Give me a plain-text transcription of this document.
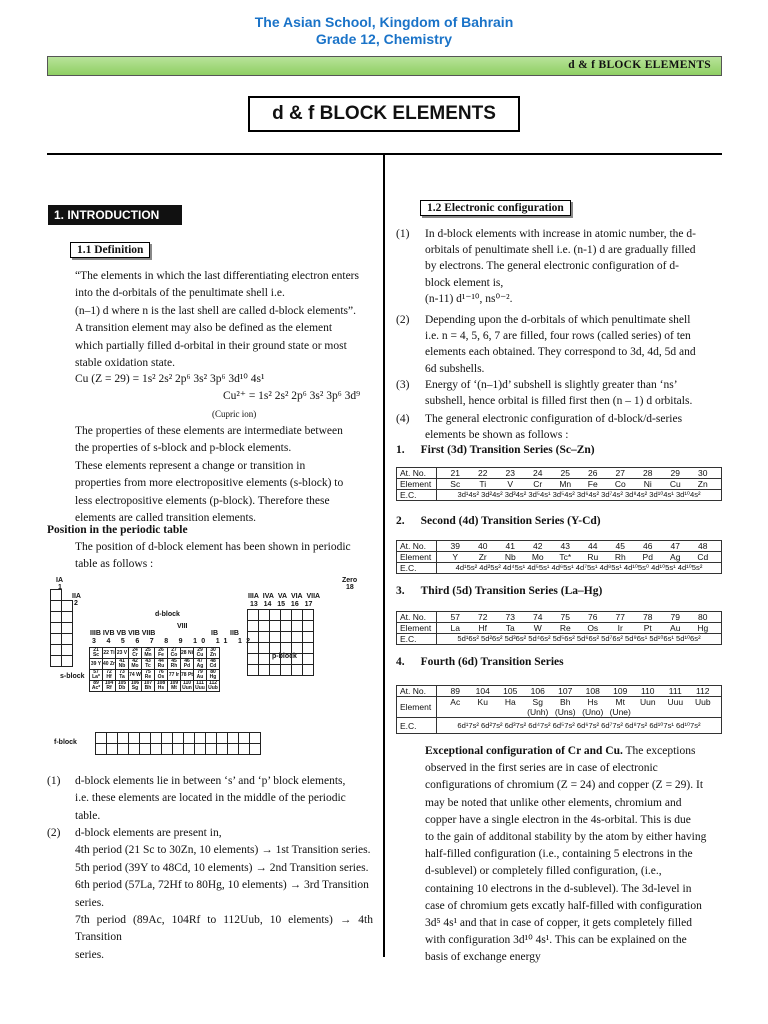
The Asian School, Kingdom of Bahrain
Grade 12, Chemistry
d & f BLOCK ELEMENTS
d & f BLOCK ELEMENTS
1. INTRODUCTION
1.1 Definition
“The elements in which the last differentiating electron enters
into the d-orbitals of the penultimate shell i.e.
(n–1) d where n is the last shell are called d-block elements”.
A transition element may also be defined as the element
which partially filled d-orbital in their ground state or most
stable oxidation state.
Cu (Z = 29) = 1s² 2s² 2p⁶ 3s² 3p⁶ 3d¹⁰ 4s¹
Cu²⁺ = 1s² 2s² 2p⁶ 3s² 3p⁶ 3d⁹
(Cupric ion)
The properties of these elements are intermediate between
the properties of s-block and p-block elements.
These elements represent a change or transition in
properties from more electropositive elements (s-block) to
less electropositive elements (p-block). Therefore these
elements are called transition elements.
Position in the periodic table
The position of d-block element has been shown in periodic
table as follows :
IA
1
IIA
2
d-block
IIIA IVA VA VIA VIIA
13 14 15 16 17
Zero
18
VIII
IIIB IVB VB VIB VIIB	IB IIB
3 4 5 6 7 8 9 10 11 12
s-block
p-block
f-block

21 Sc	22 Ti	23 V	24 Cr	25 Mn	26 Fe	27 Co	28 Ni	29 Cu	30 Zn
39 Y	40 Zr	41 Nb	42 Mo	43 Tc	44 Ru	45 Rh	46 Pd	47 Ag	48 Cd
57 La*	72 Hf	73 Ta	74 W	75 Re	76 Os	77 Ir	78 Pt	79 Au	80 Hg
89 Ac*	104 Rf	105 Db	106 Sg	107 Bh	108 Hs	109 Mt	110 Uun	111 Uuu	112 Uub

(1) d-block elements lie in between ‘s’ and ‘p’ block elements,
i.e. these elements are located in the middle of the periodic
table.
(2) d-block elements are present in,
4th period (21 Sc to 30Zn, 10 elements) → 1st Transition series.
5th period (39Y to 48Cd, 10 elements) → 2nd Transition series.
6th period (57La, 72Hf to 80Hg, 10 elements) → 3rd Transition
series.
7th period (89Ac, 104Rf to 112Uub, 10 elements) → 4th Transition
series.
1.2 Electronic configuration
(1) In d-block elements with increase in atomic number, the d-
orbitals of penultimate shell i.e. (n-1) d are gradually filled
by electrons. The general electronic configuration of d-
block element is,
(n-11) d¹⁻¹⁰, ns⁰⁻².
(2) Depending upon the d-orbitals of which penultimate shell
i.e. n = 4, 5, 6, 7 are filled, four rows (called series) of ten
elements each obtained. They correspond to 3d, 4d, 5d and
6d subshells.
(3) Energy of ‘(n–1)d’ subshell is slightly greater than ‘ns’
subshell, hence orbital is filled first then (n – 1) d orbitals.
(4) The general electronic configuration of d-block/d-series
elements be shown as follows :
1. First (3d) Transition Series (Sc–Zn)
At. No.	21 22 23 24 25 26 27 28 29 30
Element	Sc Ti V Cr Mn Fe Co Ni Cu Zn
E.C.	3d¹4s² 3d²4s² 3d³4s² 3d⁵4s¹ 3d⁵4s² 3d⁶4s² 3d⁷4s² 3d⁸4s² 3d¹⁰4s¹ 3d¹⁰4s²
2. Second (4d) Transition Series (Y-Cd)
At. No.	39 40 41 42 43 44 45 46 47 48
Element	Y Zr Nb Mo Tc* Ru Rh Pd Ag Cd
E.C.	4d¹5s² 4d²5s² 4d⁴5s¹ 4d⁵5s¹ 4d⁶5s¹ 4d⁷5s¹ 4d⁸5s¹ 4d¹⁰5s⁰ 4d¹⁰5s¹ 4d¹⁰5s²
3. Third (5d) Transition Series (La–Hg)
At. No.	57 72 73 74 75 76 77 78 79 80
Element	La Hf Ta W Re Os Ir Pt Au Hg
E.C.	5d¹6s² 5d²6s² 5d³6s² 5d⁴6s² 5d⁵6s² 5d⁶6s² 5d⁷6s² 5d⁹6s¹ 5d¹⁰6s¹ 5d¹⁰6s²
4. Fourth (6d) Transition Series
At. No.	89 104 105 106 107 108 109 110 111 112
Element	Ac Ku Ha Sg Bh Hs Mt Uun Uuu Uub
(Unh) (Uns) (Uno) (Une)
E.C.	6d¹7s² 6d²7s² 6d³7s² 6d⁴7s² 6d⁵7s² 6d⁶7s² 6d⁷7s² 6d⁸7s² 6d¹⁰7s¹ 6d¹⁰7s²
Exceptional configuration of Cr and Cu. The exceptions
observed in the first series are in case of electronic
configurations of chromium (Z = 24) and copper (Z = 29). It
may be noted that unlike other elements, chromium and
copper have a single electron in the 4s-orbital. This is due
to the gain of additonal stability by the atom by either having
half-filled configuration (i.e., containing 5 electrons in the
d-sublevel) or completely filled configuration, (i.e.,
containing 10 electrons in the d-sublevel). The 3d-level in
case of chromium gets excatly half-filled with configuration
3d⁵ 4s¹ and that in case of copper, it gets completely filled
with configuration 3d¹⁰ 4s¹. This can be explained on the
basis of exchange energy
